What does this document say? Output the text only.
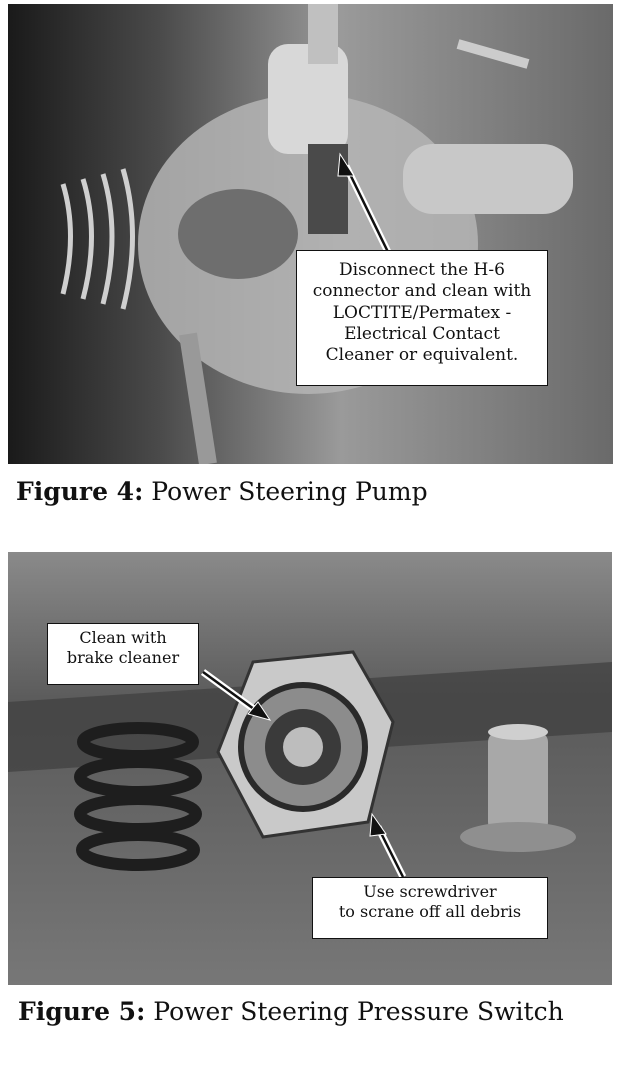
Disconnect the H-6
connector and clean with
LOCTITE/Permatex -
Electrical Contact
Cleaner or equivalent.

Figure 4: Power Steering Pump

Clean with
brake cleaner
Use screwdriver
to scrane off all debris

Figure 5: Power Steering Pressure Switch
